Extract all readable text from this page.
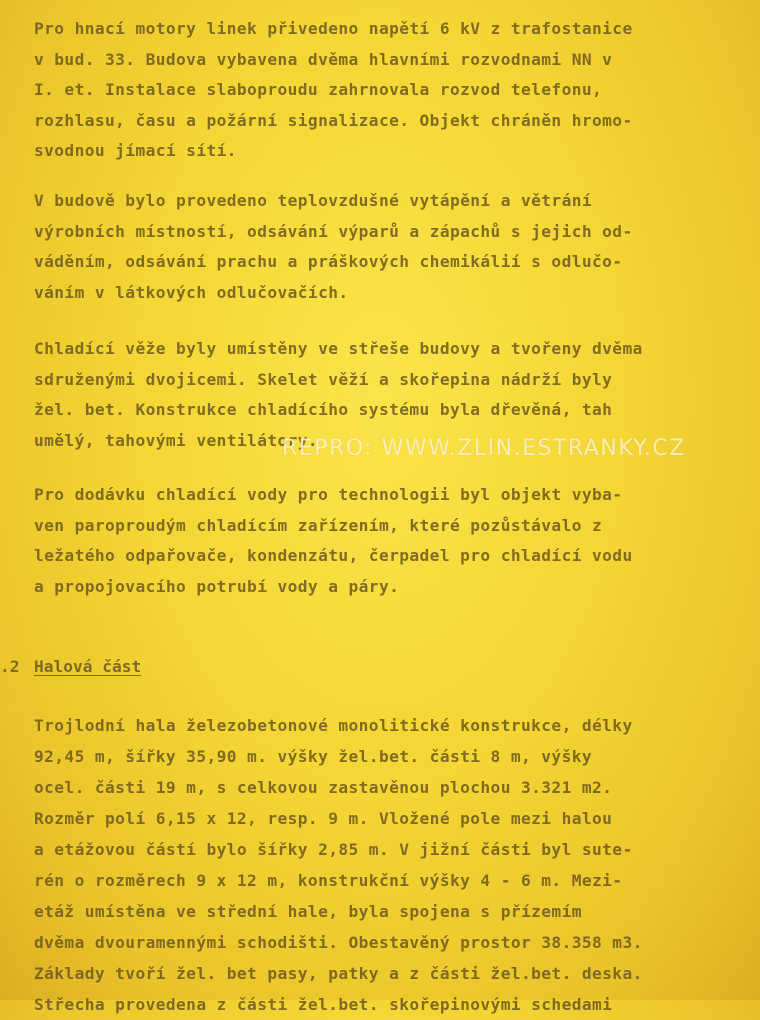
Pro hnací motory linek přivedeno napětí 6 kV z trafostanice
v bud. 33. Budova vybavena dvěma hlavními rozvodnami NN v
I. et. Instalace slaboproudu zahrnovala rozvod telefonu,
rozhlasu, času a požární signalizace. Objekt chráněn hromo-
svodnou jímací sítí.
V budově bylo provedeno teplovzdušné vytápění a větrání
výrobních místností, odsávání výparů a zápachů s jejich od-
váděním, odsávání prachu a práškových chemikálií s odlučo-
váním v látkových odlučovačích.
Chladící věže byly umístěny ve střeše budovy a tvořeny dvěma
sdruženými dvojicemi. Skelet věží a skořepina nádrží byly
žel. bet. Konstrukce chladícího systému byla dřevěná, tah
umělý, tahovými ventilátory.
REPRO: WWW.ZLIN.ESTRANKY.CZ
Pro dodávku chladící vody pro technologii byl objekt vyba-
ven paroproudým chladícím zařízením, které pozůstávalo z
ležatého odpařovače, kondenzátu, čerpadel pro chladící vodu
a propojovacího potrubí vody a páry.

.2

Halová část

Trojlodní hala železobetonové monolitické konstrukce, délky
92,45 m, šířky 35,90 m. výšky žel.bet. části 8 m, výšky
ocel. části 19 m, s celkovou zastavěnou plochou 3.321 m2.
Rozměr polí 6,15 x 12, resp. 9 m. Vložené pole mezi halou
a etážovou částí bylo šířky 2,85 m. V jižní části byl sute-
rén o rozměrech 9 x 12 m, konstrukční výšky 4 - 6 m. Mezi-
etáž umístěna ve střední hale, byla spojena s přízemím
dvěma dvouramennými schodišti. Obestavěný prostor 38.358 m3.
Základy tvoří žel. bet pasy, patky a z části žel.bet. deska.
Střecha provedena z části žel.bet. skořepinovými schedami
